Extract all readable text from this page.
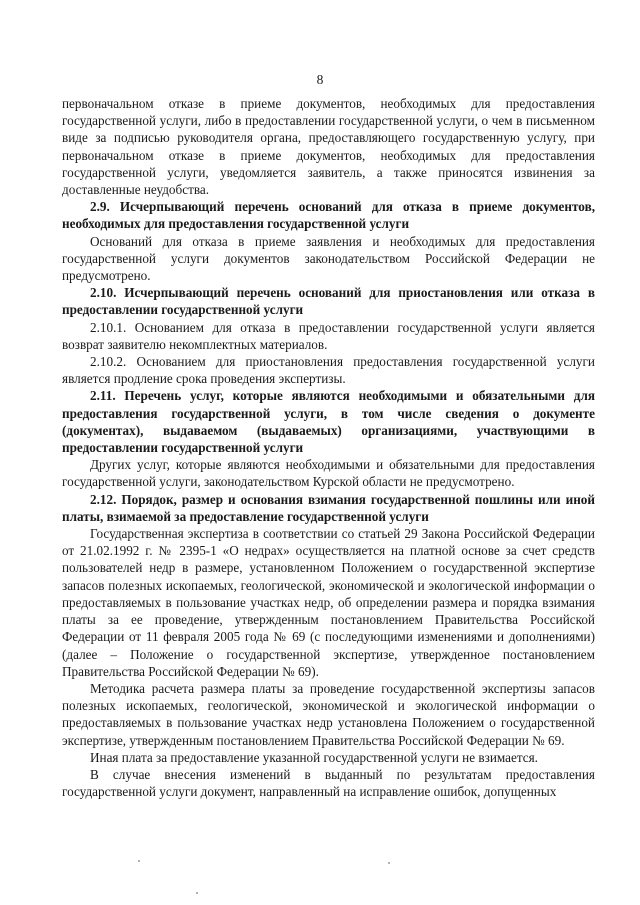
8

первоначальном отказе в приеме документов, необходимых для предоставления государственной услуги, либо в предоставлении государственной услуги, о чем в письменном виде за подписью руководителя органа, предоставляющего государственную услугу, при первоначальном отказе в приеме документов, необходимых для предоставления государственной услуги, уведомляется заявитель, а также приносятся извинения за доставленные неудобства.

2.9. Исчерпывающий перечень оснований для отказа в приеме документов, необходимых для предоставления государственной услуги

Оснований для отказа в приеме заявления и необходимых для предоставления государственной услуги документов законодательством Российской Федерации не предусмотрено.

2.10. Исчерпывающий перечень оснований для приостановления или отказа в предоставлении государственной услуги

2.10.1. Основанием для отказа в предоставлении государственной услуги является возврат заявителю некомплектных материалов.

2.10.2. Основанием для приостановления предоставления государственной услуги является продление срока проведения экспертизы.

2.11. Перечень услуг, которые являются необходимыми и обязательными для предоставления государственной услуги, в том числе сведения о документе (документах), выдаваемом (выдаваемых) организациями, участвующими в предоставлении государственной услуги

Других услуг, которые являются необходимыми и обязательными для предоставления государственной услуги, законодательством Курской области не предусмотрено.

2.12. Порядок, размер и основания взимания государственной пошлины или иной платы, взимаемой за предоставление государственной услуги

Государственная экспертиза в соответствии со статьей 29 Закона Российской Федерации от 21.02.1992 г. № 2395-1 «О недрах» осуществляется на платной основе за счет средств пользователей недр в размере, установленном Положением о государственной экспертизе запасов полезных ископаемых, геологической, экономической и экологической информации о предоставляемых в пользование участках недр, об определении размера и порядка взимания платы за ее проведение, утвержденным постановлением Правительства Российской Федерации от 11 февраля 2005 года № 69 (с последующими изменениями и дополнениями) (далее – Положение о государственной экспертизе, утвержденное постановлением Правительства Российской Федерации № 69).

Методика расчета размера платы за проведение государственной экспертизы запасов полезных ископаемых, геологической, экономической и экологической информации о предоставляемых в пользование участках недр установлена Положением о государственной экспертизе, утвержденным постановлением Правительства Российской Федерации № 69.

Иная плата за предоставление указанной государственной услуги не взимается.

В случае внесения изменений в выданный по результатам предоставления государственной услуги документ, направленный на исправление ошибок, допущенных
